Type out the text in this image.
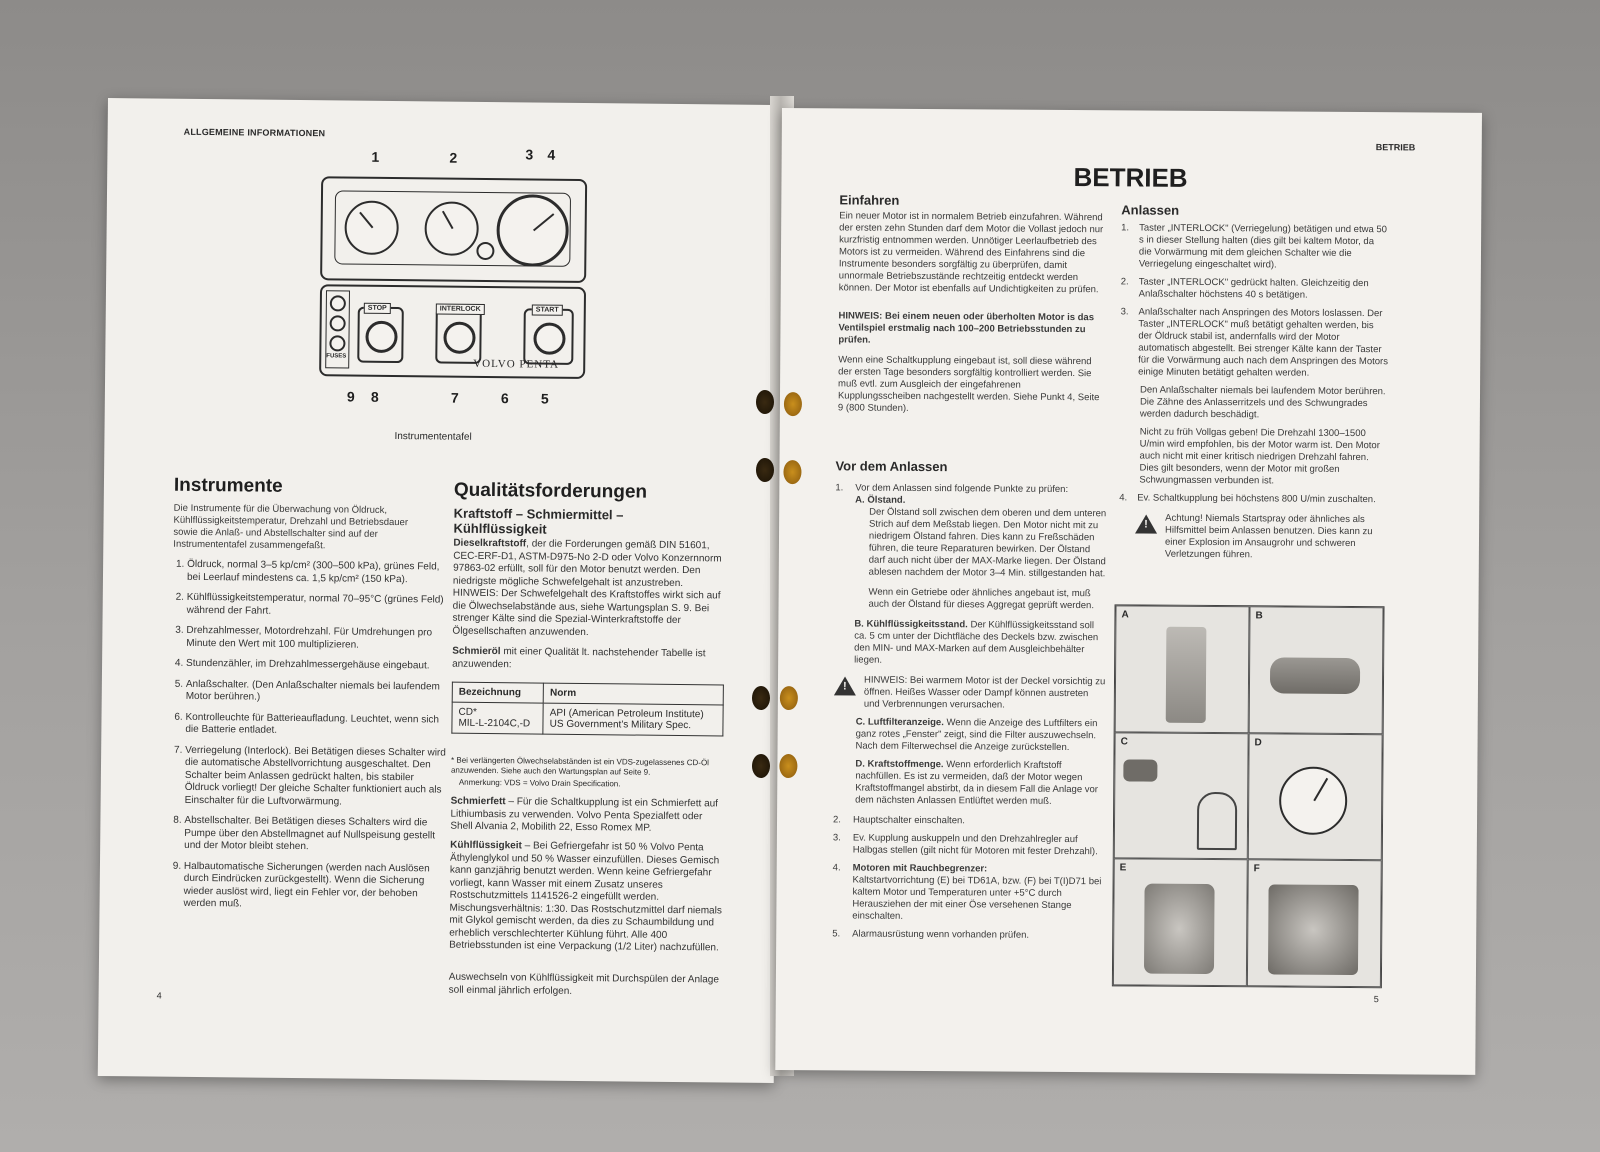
ALLGEMEINE INFORMATIONEN
1	2	3 4
FUSES
STOP	INTERLOCK	START
VOLVO PENTA
9 8	7	6 5
Instrumententafel
Instrumente
Die Instrumente für die Überwachung von Öldruck, Kühlflüssigkeitstemperatur, Drehzahl und Betriebsdauer sowie die Anlaß- und Abstellschalter sind auf der Instrumententafel zusammengefaßt.
1. Öldruck, normal 3–5 kp/cm² (300–500 kPa), grünes Feld, bei Leerlauf mindestens ca. 1,5 kp/cm² (150 kPa).
2. Kühlflüssigkeitstemperatur, normal 70–95°C (grünes Feld) während der Fahrt.
3. Drehzahlmesser, Motordrehzahl. Für Umdrehungen pro Minute den Wert mit 100 multiplizieren.
4. Stundenzähler, im Drehzahlmessergehäuse eingebaut.
5. Anlaßschalter. (Den Anlaßschalter niemals bei laufendem Motor berühren.)
6. Kontrolleuchte für Batterieaufladung. Leuchtet, wenn sich die Batterie entladet.
7. Verriegelung (Interlock). Bei Betätigen dieses Schalter wird die automatische Abstellvorrichtung ausgeschaltet. Den Schalter beim Anlassen gedrückt halten, bis stabiler Öldruck vorliegt! Der gleiche Schalter funktioniert auch als Einschalter für die Luftvorwärmung.
8. Abstellschalter. Bei Betätigen dieses Schalters wird die Pumpe über den Abstellmagnet auf Nullspeisung gestellt und der Motor bleibt stehen.
9. Halbautomatische Sicherungen (werden nach Auslösen durch Eindrücken zurückgestellt). Wenn die Sicherung wieder auslöst wird, liegt ein Fehler vor, der behoben werden muß.
Qualitätsforderungen
Kraftstoff – Schmiermittel – Kühlflüssigkeit
Dieselkraftstoff, der die Forderungen gemäß DIN 51601, CEC-ERF-D1, ASTM-D975-No 2-D oder Volvo Konzernnorm 97863-02 erfüllt, soll für den Motor benutzt werden. Den niedrigste mögliche Schwefelgehalt ist anzustreben. HINWEIS: Der Schwefelgehalt des Kraftstoffes wirkt sich auf die Ölwechselabstände aus, siehe Wartungsplan S. 9. Bei strenger Kälte sind die Spezial-Winterkraftstoffe der Ölgesellschaften anzuwenden.
Schmieröl mit einer Qualität lt. nachstehender Tabelle ist anzuwenden:
Bezeichnung	Norm
CD*
MIL-L-2104C,-D	API (American Petroleum Institute)
US Government's Military Spec.
* Bei verlängerten Ölwechselabständen ist ein VDS-zugelassenes CD-Öl anzuwenden. Siehe auch den Wartungsplan auf Seite 9.
Anmerkung: VDS = Volvo Drain Specification.
Schmierfett – Für die Schaltkupplung ist ein Schmierfett auf Lithiumbasis zu verwenden. Volvo Penta Spezialfett oder Shell Alvania 2, Mobilith 22, Esso Romex MP.
Kühlflüssigkeit – Bei Gefriergefahr ist 50 % Volvo Penta Äthylenglykol und 50 % Wasser einzufüllen. Dieses Gemisch kann ganzjährig benutzt werden. Wenn keine Gefriergefahr vorliegt, kann Wasser mit einem Zusatz unseres Rostschutzmittels 1141526-2 eingefüllt werden. Mischungsverhältnis: 1:30. Das Rostschutzmittel darf niemals mit Glykol gemischt werden, da dies zu Schaumbildung und erheblich verschlechterter Kühlung führt. Alle 400 Betriebsstunden ist eine Verpackung (1/2 Liter) nachzufüllen.
Auswechseln von Kühlflüssigkeit mit Durchspülen der Anlage soll einmal jährlich erfolgen.
4
BETRIEB
BETRIEB
Einfahren
Ein neuer Motor ist in normalem Betrieb einzufahren. Während der ersten zehn Stunden darf dem Motor die Vollast jedoch nur kurzfristig entnommen werden. Unnötiger Leerlaufbetrieb des Motors ist zu vermeiden. Während des Einfahrens sind die Instrumente besonders sorgfältig zu überprüfen, damit unnormale Betriebszustände rechtzeitig entdeckt werden können. Der Motor ist ebenfalls auf Undichtigkeiten zu prüfen.
HINWEIS: Bei einem neuen oder überholten Motor is das Ventilspiel erstmalig nach 100–200 Betriebsstunden zu prüfen.
Wenn eine Schaltkupplung eingebaut ist, soll diese während der ersten Tage besonders sorgfältig kontrolliert werden. Sie muß evtl. zum Ausgleich der eingefahrenen Kupplungsscheiben nachgestellt werden. Siehe Punkt 4, Seite 9 (800 Stunden).
Vor dem Anlassen
1. Vor dem Anlassen sind folgende Punkte zu prüfen:
A. Ölstand.
Der Ölstand soll zwischen dem oberen und dem unteren Strich auf dem Meßstab liegen. Den Motor nicht mit zu niedrigem Ölstand fahren. Dies kann zu Freßschäden führen, die teure Reparaturen bewirken. Der Ölstand darf auch nicht über der MAX-Marke liegen. Der Ölstand ablesen nachdem der Motor 3–4 Min. stillgestanden hat.
Wenn ein Getriebe oder ähnliches angebaut ist, muß auch der Ölstand für dieses Aggregat geprüft werden.
B. Kühlflüssigkeitsstand. Der Kühlflüssigkeitsstand soll ca. 5 cm unter der Dichtfläche des Deckels bzw. zwischen den MIN- und MAX-Marken auf dem Ausgleichbehälter liegen.
!
HINWEIS: Bei warmem Motor ist der Deckel vorsichtig zu öffnen. Heißes Wasser oder Dampf können austreten und Verbrennungen verursachen.
C. Luftfilteranzeige. Wenn die Anzeige des Luftfilters ein ganz rotes „Fenster" zeigt, sind die Filter auszuwechseln. Nach dem Filterwechsel die Anzeige zurückstellen.
D. Kraftstoffmenge. Wenn erforderlich Kraftstoff nachfüllen. Es ist zu vermeiden, daß der Motor wegen Kraftstoffmangel abstirbt, da in diesem Fall die Anlage vor dem nächsten Anlassen Entlüftet werden muß.
2. Hauptschalter einschalten.
3. Ev. Kupplung auskuppeln und den Drehzahlregler auf Halbgas stellen (gilt nicht für Motoren mit fester Drehzahl).
4. Motoren mit Rauchbegrenzer:
Kaltstartvorrichtung (E) bei TD61A, bzw. (F) bei T(I)D71 bei kaltem Motor und Temperaturen unter +5°C durch Herausziehen der mit einer Öse versehenen Stange einschalten.
5. Alarmausrüstung wenn vorhanden prüfen.
Anlassen
1. Taster „INTERLOCK" (Verriegelung) betätigen und etwa 50 s in dieser Stellung halten (dies gilt bei kaltem Motor, da die Vorwärmung mit dem gleichen Schalter wie die Verriegelung eingeschaltet wird).
2. Taster „INTERLOCK" gedrückt halten. Gleichzeitig den Anlaßschalter höchstens 40 s betätigen.
3. Anlaßschalter nach Anspringen des Motors loslassen. Der Taster „INTERLOCK" muß betätigt gehalten werden, bis der Öldruck stabil ist, andernfalls wird der Motor automatisch abgestellt. Bei strenger Kälte kann der Taster für die Vorwärmung auch nach dem Anspringen des Motors einige Minuten betätigt gehalten werden.
Den Anlaßschalter niemals bei laufendem Motor berühren. Die Zähne des Anlasserritzels und des Schwungrades werden dadurch beschädigt.
Nicht zu früh Vollgas geben! Die Drehzahl 1300–1500 U/min wird empfohlen, bis der Motor warm ist. Den Motor auch nicht mit einer kritisch niedrigen Drehzahl fahren. Dies gilt besonders, wenn der Motor mit großen Schwungmassen verbunden ist.
4. Ev. Schaltkupplung bei höchstens 800 U/min zuschalten.
!
Achtung! Niemals Startspray oder ähnliches als Hilfsmittel beim Anlassen benutzen. Dies kann zu einer Explosion im Ansaugrohr und schweren Verletzungen führen.
A	B
C	D
E	F
5
